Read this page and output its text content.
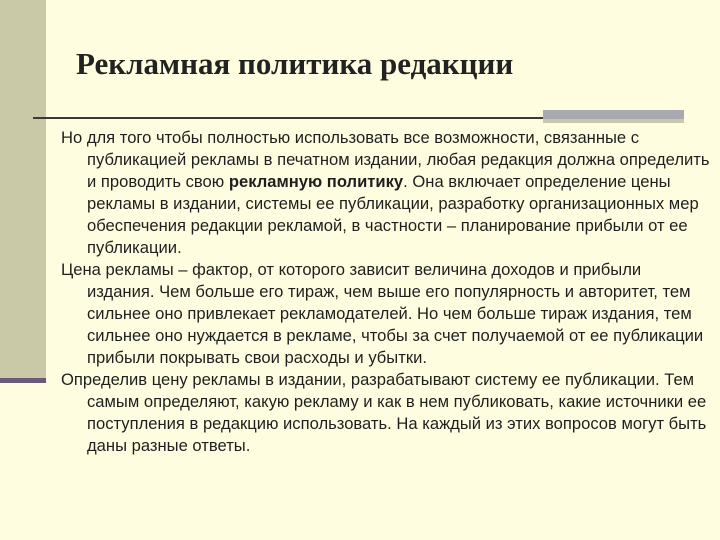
Рекламная политика редакции

Но для того чтобы полностью использовать все возможности, связанные с публикацией рекламы в печатном издании, любая редакция должна определить и проводить свою рекламную политику. Она включает определение цены рекламы в издании, системы ее публикации, разработку организационных мер обеспечения редакции рекламой, в частности – планирование прибыли от ее публикации.

Цена рекламы – фактор, от которого зависит величина доходов и прибыли издания. Чем больше его тираж, чем выше его популярность и авторитет, тем сильнее оно привлекает рекламодателей. Но чем больше тираж издания, тем сильнее оно нуждается в рекламе, чтобы за счет получаемой от ее публикации прибыли покрывать свои расходы и убытки.

Определив цену рекламы в издании, разрабатывают систему ее публикации. Тем самым определяют, какую рекламу и как в нем публиковать, какие источники ее поступления в редакцию использовать. На каждый из этих вопросов могут быть даны разные ответы.
